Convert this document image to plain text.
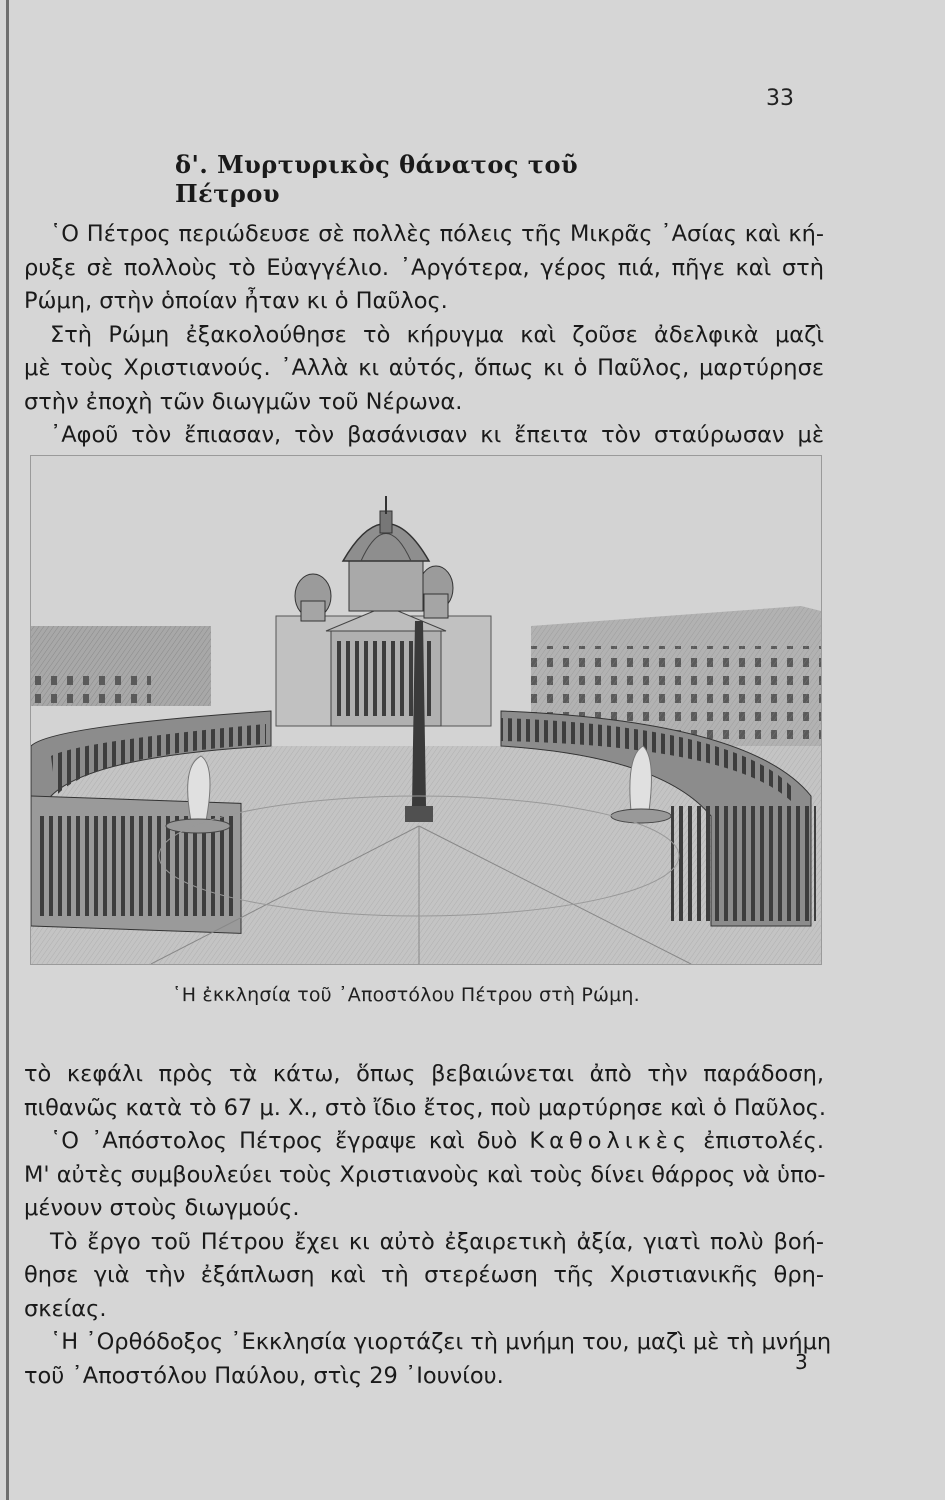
33
δ'. Μυρτυρικὸς θάνατος τοῦ Πέτρου
῾Ο Πέτρος περιώδευσε σὲ πολλὲς πόλεις τῆς Μικρᾶς ᾿Ασίας καὶ κή-
ρυξε σὲ πολλοὺς τὸ Εὐαγγέλιο. ᾿Αργότερα, γέρος πιά, πῆγε καὶ στὴ
Ρώμη, στὴν ὁποίαν ἦταν κι ὁ Παῦλος.
Στὴ Ρώμη ἐξακολούθησε τὸ κήρυγμα καὶ ζοῦσε ἀδελφικὰ μαζὶ
μὲ τοὺς Χριστιανούς. ᾿Αλλὰ κι αὐτός, ὅπως κι ὁ Παῦλος, μαρτύρησε
στὴν ἐποχὴ τῶν διωγμῶν τοῦ Νέρωνα.
᾿Αφοῦ τὸν ἔπιασαν, τὸν βασάνισαν κι ἔπειτα τὸν σταύρωσαν μὲ
῾Η ἐκκλησία τοῦ ᾿Αποστόλου Πέτρου στὴ Ρώμη.
τὸ κεφάλι πρὸς τὰ κάτω, ὅπως βεβαιώνεται ἀπὸ τὴν παράδοση,
πιθανῶς κατὰ τὸ 67 μ. Χ., στὸ ἴδιο ἔτος, ποὺ μαρτύρησε καὶ ὁ Παῦλος.
῾Ο ᾿Απόστολος Πέτρος ἔγραψε καὶ δυὸ Καθολικὲς ἐπιστολές.
Μ' αὐτὲς συμβουλεύει τοὺς Χριστιανοὺς καὶ τοὺς δίνει θάρρος νὰ ὑπο-
μένουν στοὺς διωγμούς.
Τὸ ἔργο τοῦ Πέτρου ἔχει κι αὐτὸ ἐξαιρετικὴ ἀξία, γιατὶ πολὺ βοή-
θησε γιὰ τὴν ἐξάπλωση καὶ τὴ στερέωση τῆς Χριστιανικῆς θρη-
σκείας.
῾Η ᾿Ορθόδοξος ᾿Εκκλησία γιορτάζει τὴ μνήμη του, μαζὶ μὲ τὴ μνήμη
τοῦ ᾿Αποστόλου Παύλου, στὶς 29 ᾿Ιουνίου.
3
